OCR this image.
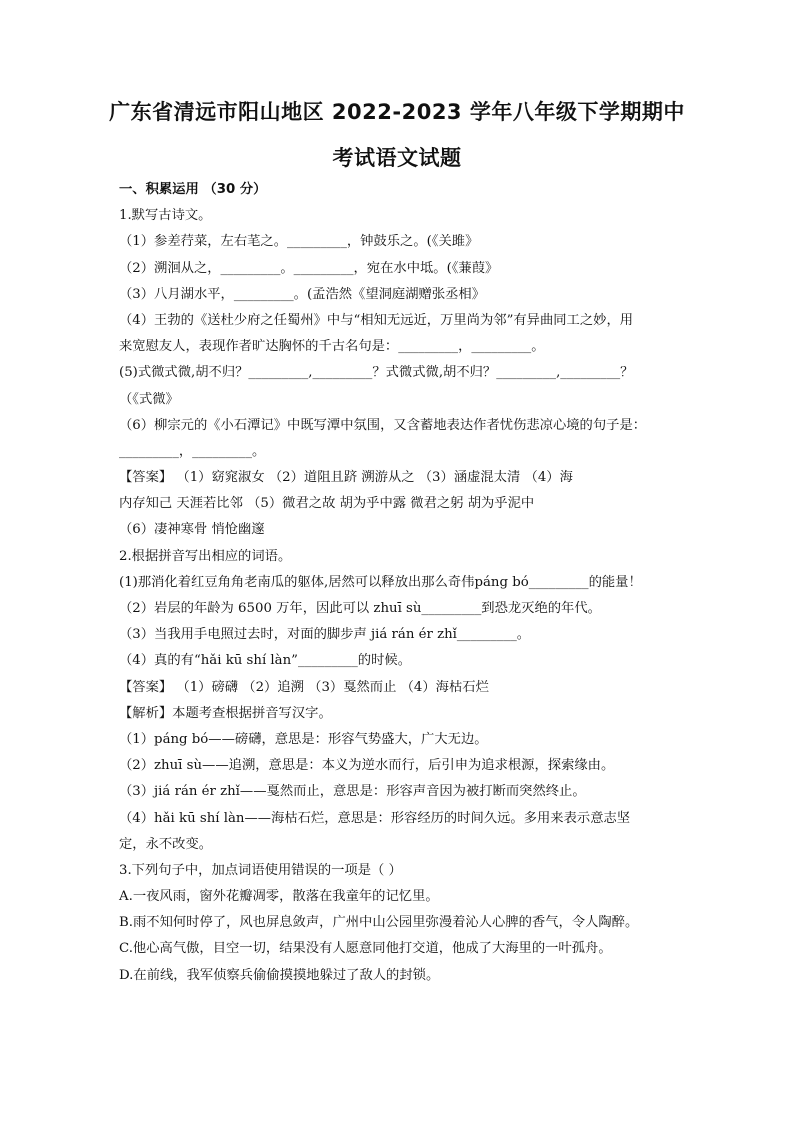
广东省清远市阳山地区 2022-2023 学年八年级下学期期中
考试语文试题
一、积累运用 （30 分）
1.默写古诗文。
（1）参差荇菜，左右芼之。_________，钟鼓乐之。(《关雎》
（2）溯洄从之，_________。_________，宛在水中坻。(《蒹葭》
（3）八月湖水平，_________。(孟浩然《望洞庭湖赠张丞相》
（4）王勃的《送杜少府之任蜀州》中与“相知无远近，万里尚为邻”有异曲同工之妙，用
来宽慰友人，表现作者旷达胸怀的千古名句是：_________，_________。
(5)式微式微,胡不归？_________,_________？式微式微,胡不归？_________,_________？
（《式微》
（6）柳宗元的《小石潭记》中既写潭中氛围，又含蓄地表达作者忧伤悲凉心境的句子是：
_________，_________。
【答案】 （1）窈窕淑女 （2）道阻且跻 溯游从之 （3）涵虚混太清 （4）海
内存知己 天涯若比邻 （5）微君之故 胡为乎中露 微君之躬 胡为乎泥中
（6）凄神寒骨 悄怆幽邃
2.根据拼音写出相应的词语。
(1)那消化着红豆角角老南瓜的躯体,居然可以释放出那么奇伟páng bó_________的能量！
（2）岩层的年龄为 6500 万年，因此可以 zhuī sù_________到恐龙灭绝的年代。
（3）当我用手电照过去时，对面的脚步声 jiá rán ér zhǐ_________。
（4）真的有“hǎi kū shí làn”_________的时候。
【答案】 （1）磅礴 （2）追溯 （3）戛然而止 （4）海枯石烂
【解析】本题考查根据拼音写汉字。
（1）páng bó——磅礴，意思是：形容气势盛大，广大无边。
（2）zhuī sù——追溯，意思是：本义为逆水而行，后引申为追求根源，探索缘由。
（3）jiá rán ér zhǐ——戛然而止，意思是：形容声音因为被打断而突然终止。
（4）hǎi kū shí làn——海枯石烂，意思是：形容经历的时间久远。多用来表示意志坚
定，永不改变。
3.下列句子中，加点词语使用错误的一项是（ ）
A.一夜风雨，窗外花瓣凋零，散落在我童年的记忆里。
B.雨不知何时停了，风也屏息敛声，广州中山公园里弥漫着沁人心脾的香气，令人陶醉。
C.他心高气傲，目空一切，结果没有人愿意同他打交道，他成了大海里的一叶孤舟。
D.在前线，我军侦察兵偷偷摸摸地躲过了敌人的封锁。
